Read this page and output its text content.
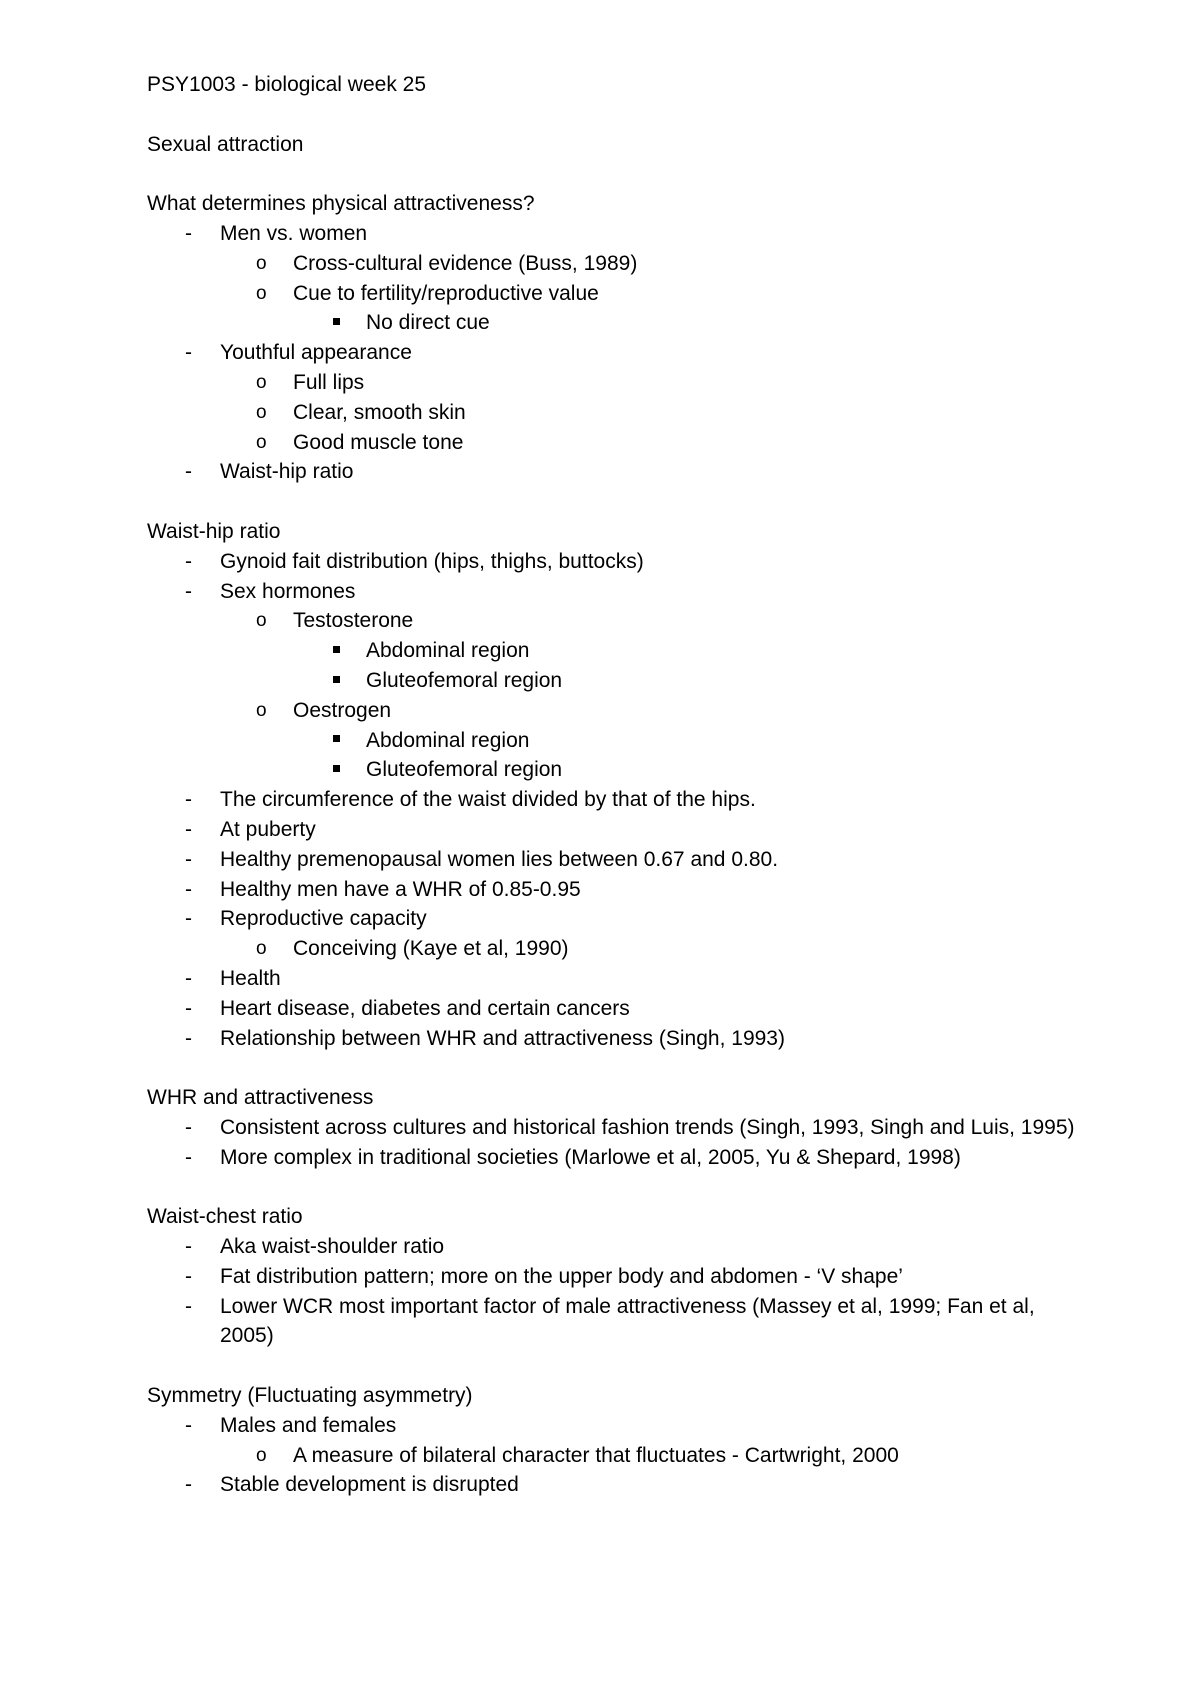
PSY1003 - biological week 25
Sexual attraction
What determines physical attractiveness?
- Men vs. women
o Cross-cultural evidence (Buss, 1989)
o Cue to fertility/reproductive value
No direct cue
- Youthful appearance
o Full lips
o Clear, smooth skin
o Good muscle tone
- Waist-hip ratio
Waist-hip ratio
- Gynoid fait distribution (hips, thighs, buttocks)
- Sex hormones
o Testosterone
Abdominal region
Gluteofemoral region
o Oestrogen
Abdominal region
Gluteofemoral region
- The circumference of the waist divided by that of the hips.
- At puberty
- Healthy premenopausal women lies between 0.67 and 0.80.
- Healthy men have a WHR of 0.85-0.95
- Reproductive capacity
o Conceiving (Kaye et al, 1990)
- Health
- Heart disease, diabetes and certain cancers
- Relationship between WHR and attractiveness (Singh, 1993)
WHR and attractiveness
- Consistent across cultures and historical fashion trends (Singh, 1993, Singh and Luis, 1995)
- More complex in traditional societies (Marlowe et al, 2005, Yu & Shepard, 1998)
Waist-chest ratio
- Aka waist-shoulder ratio
- Fat distribution pattern; more on the upper body and abdomen - ‘V shape’
- Lower WCR most important factor of male attractiveness (Massey et al, 1999; Fan et al, 2005)
Symmetry (Fluctuating asymmetry)
- Males and females
o A measure of bilateral character that fluctuates - Cartwright, 2000
- Stable development is disrupted
